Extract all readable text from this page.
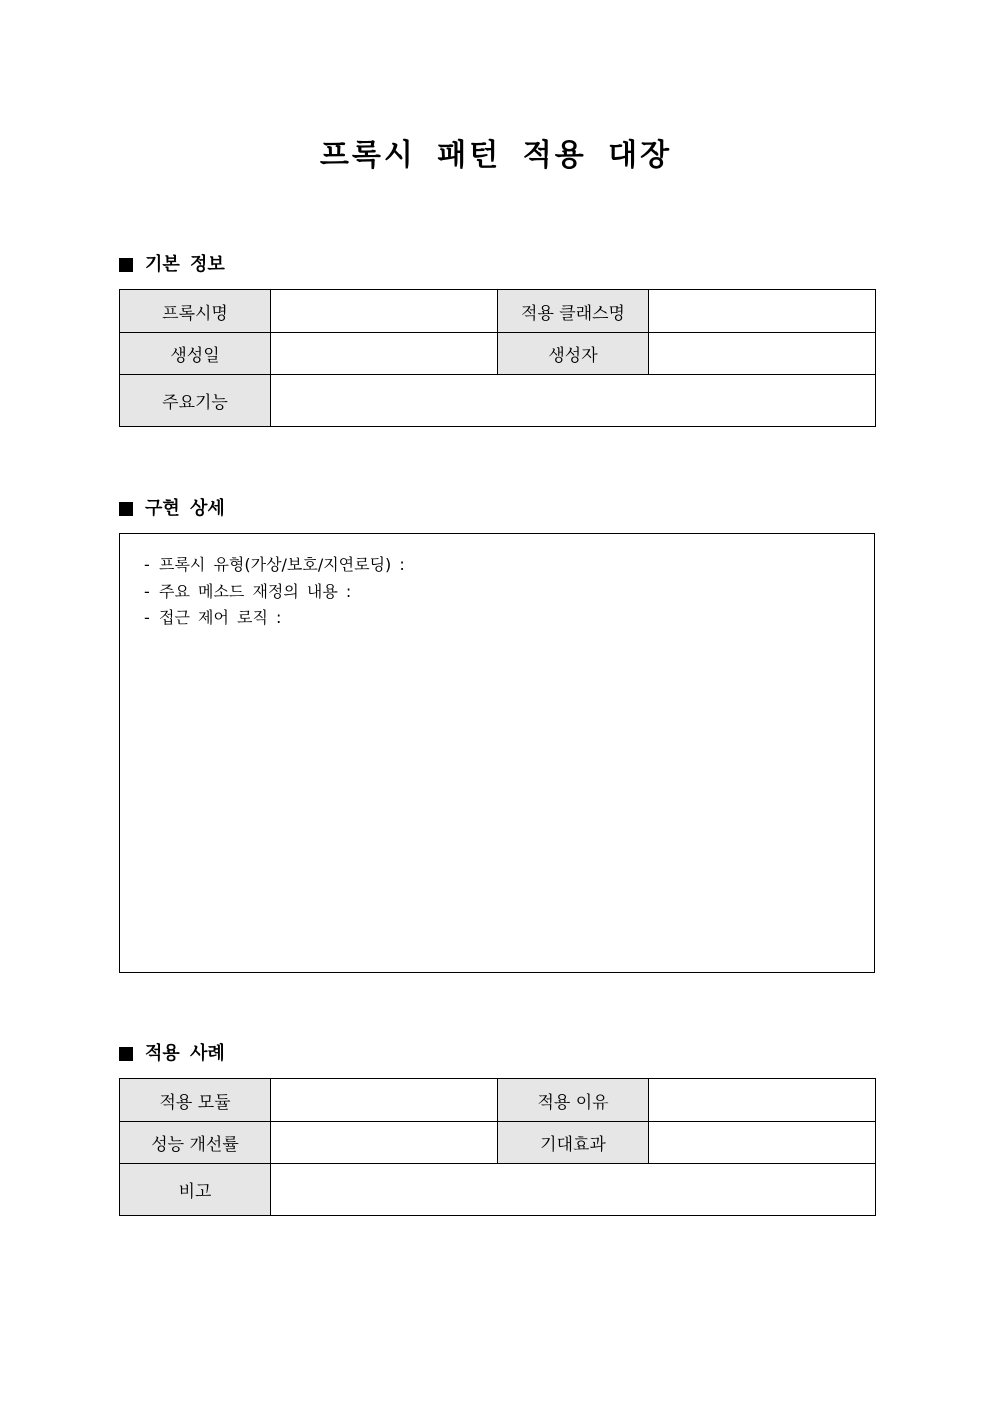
프록시 패턴 적용 대장
기본 정보
프록시명		적용 클래스명	
생성일		생성자	
주요기능			
구현 상세
- 프록시 유형(가상/보호/지연로딩) :
- 주요 메소드 재정의 내용 :
- 접근 제어 로직 :
적용 사례
적용 모듈		적용 이유	
성능 개선률		기대효과	
비고			
